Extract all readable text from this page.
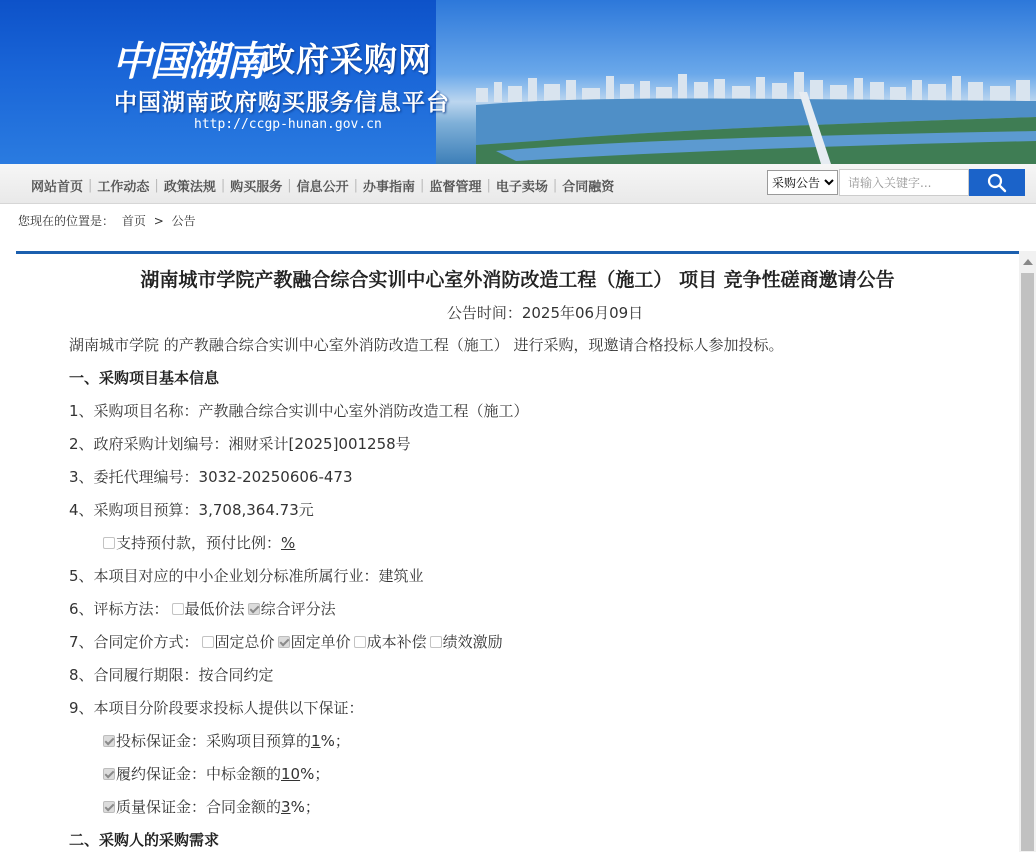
中国湖南
政府采购网
中国湖南政府购买服务信息平台
http://ccgp-hunan.gov.cn
网站首页 | 工作动态 | 政策法规 | 购买服务 | 信息公开 | 办事指南 | 监督管理 | 电子卖场 | 合同融资
采购公告
请输入关键字...
您现在的位置是： 首页 > 公告
湖南城市学院产教融合综合实训中心室外消防改造工程（施工） 项目 竞争性磋商邀请公告
公告时间：2025年06月09日
湖南城市学院 的产教融合综合实训中心室外消防改造工程（施工） 进行采购，现邀请合格投标人参加投标。
一、采购项目基本信息
1、采购项目名称：产教融合综合实训中心室外消防改造工程（施工）
2、政府采购计划编号：湘财采计[2025]001258号
3、委托代理编号：3032-20250606-473
4、采购项目预算：3,708,364.73元
支持预付款，预付比例： %
5、本项目对应的中小企业划分标准所属行业：建筑业
6、评标方法： 最低价法 综合评分法
7、合同定价方式： 固定总价 固定单价 成本补偿 绩效激励
8、合同履行期限：按合同约定
9、本项目分阶段要求投标人提供以下保证：
投标保证金：采购项目预算的 1 %；
履约保证金：中标金额的 10 %；
质量保证金：合同金额的 3 %；
二、采购人的采购需求
